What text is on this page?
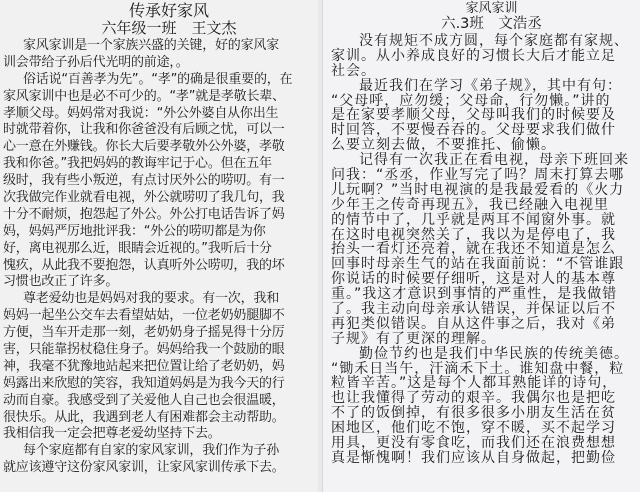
传承好家风
六年级一班　王文杰
家风家训是一个家族兴盛的关键，好的家风家
训会带给子孙后代光明的前途，。
俗话说“百善孝为先”。“孝”的确是很重要的，在
家风家训中也是必不可少的。“孝”就是孝敬长辈、
孝顺父母。妈妈常对我说：“外公外婆自从你出生
时就带着你，让我和你爸爸没有后顾之忧，可以一
心一意在外赚钱。你长大后要孝敬外公外婆，孝敬
我和你爸。”我把妈妈的教诲牢记于心。但在五年
级时，我有些小叛逆，有点讨厌外公的唠叨。有一
次我做完作业就看电视，外公就唠叨了我几句，我
十分不耐烦，抱怨起了外公。外公打电话告诉了妈
妈，妈妈严厉地批评我：“外公的唠叨都是为你
好，离电视那么近，眼睛会近视的。”我听后十分
愧疚，从此我不要抱怨，认真听外公唠叨，我的坏
习惯也改正了许多。
尊老爱幼也是妈妈对我的要求。有一次，我和
妈妈一起坐公交车去看望姑姑，一位老奶奶腿脚不
方便，当车开走那一刻，老奶奶身子摇晃得十分厉
害，只能靠拐杖稳住身子。妈妈给我一个鼓励的眼
神，我毫不犹豫地站起来把位置让给了老奶奶，妈
妈露出来欣慰的笑容，我知道妈妈是为我今天的行
动而自豪。我感受到了关爱他人自己也会很温暖，
很快乐。从此，我遇到老人有困难都会主动帮助。
我相信我一定会把尊老爱幼坚持下去。
每个家庭都有自家的家风家训，我们作为子孙
就应该遵守这份家风家训，让家风家训传承下去。
家风家训
六.3班　文浩丞
没有规矩不成方圆，每个家庭都有家规、
家训。从小养成良好的习惯长大后才能立足
社会。
最近我们在学习《弟子规》，其中有句：
“父母呼，应勿缓；父母命，行勿懒。”讲的
是在家要孝顺父母，父母叫我们的时候要及
时回答，不要慢吞吞的。父母要求我们做什
么要立刻去做，不要推托、偷懒。
记得有一次我正在看电视，母亲下班回来
问我：“丞丞，作业写完了吗？周末打算去哪
儿玩啊？”当时电视演的是我最爱看的《火力
少年王之传奇再现五》，我已经融入电视里
的情节中了，几乎就是两耳不闻窗外事。就
在这时电视突然关了，我以为是停电了，我
抬头一看灯还亮着，就在我还不知道是怎么
回事时母亲生气的站在我面前说：“不管谁跟
你说话的时候要仔细听，这是对人的基本尊
重。”我这才意识到事情的严重性，是我做错
了。我主动向母亲承认错误，并保证以后不
再犯类似错误。自从这件事之后，我对《弟
子规》有了更深的理解。
勤俭节约也是我们中华民族的传统美德。
“锄禾日当午，汗滴禾下土。谁知盘中餐，粒
粒皆辛苦。”这是每个人都耳熟能详的诗句，
也让我懂得了劳动的艰辛。我偶尔也是把吃
不了的饭倒掉，有很多很多小朋友生活在贫
困地区，他们吃不饱，穿不暖，买不起学习
用具，更没有零食吃，而我们还在浪费想想
真是惭愧啊！我们应该从自身做起，把勤俭
